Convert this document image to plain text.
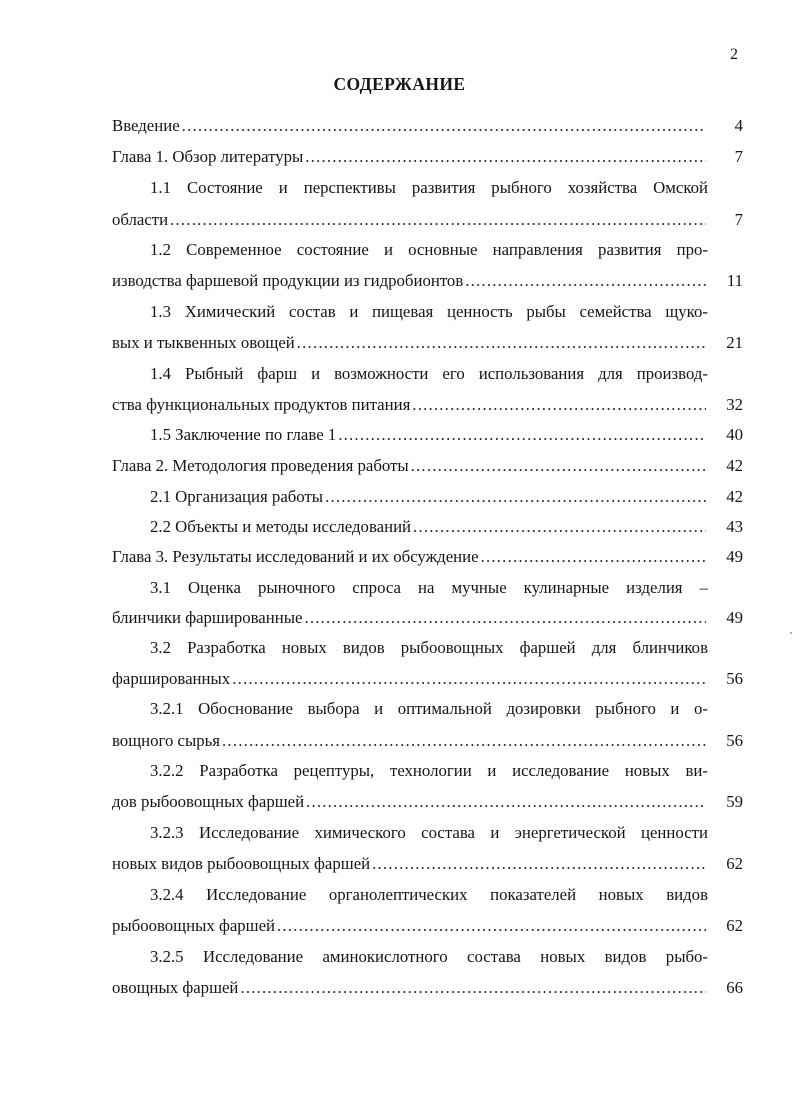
2
СОДЕРЖАНИЕ
4
Введение
.....
7
Глава 1. Обзор литературы
.....
1.1 Состояние и перспективы развития рыбного хозяйства Омской
7
области
.....
1.2 Современное состояние и основные направления развития про-
11
изводства фаршевой продукции из гидробионтов
.....
1.3 Химический состав и пищевая ценность рыбы семейства щуко-
21
вых и тыквенных овощей
.....
1.4 Рыбный фарш и возможности его использования для производ-
32
ства функциональных продуктов питания
.....
40
1.5 Заключение по главе 1
.....
42
Глава 2. Методология проведения работы
.....
42
2.1 Организация работы
.....
43
2.2 Объекты и методы исследований
.....
49
Глава 3. Результаты исследований и их обсуждение
.....
3.1 Оценка рыночного спроса на мучные кулинарные изделия –
49
блинчики фаршированные
.....
3.2 Разработка новых видов рыбоовощных фаршей для блинчиков
56
фаршированных
.....
3.2.1 Обоснование выбора и оптимальной дозировки рыбного и о-
56
вощного сырья
.....
3.2.2 Разработка рецептуры, технологии и исследование новых ви-
59
дов рыбоовощных фаршей
.....
3.2.3 Исследование химического состава и энергетической ценности
62
новых видов рыбоовощных фаршей
.....
3.2.4 Исследование органолептических показателей новых видов
62
рыбоовощных фаршей
.....
3.2.5 Исследование аминокислотного состава новых видов рыбо-
66
овощных фаршей
.....
